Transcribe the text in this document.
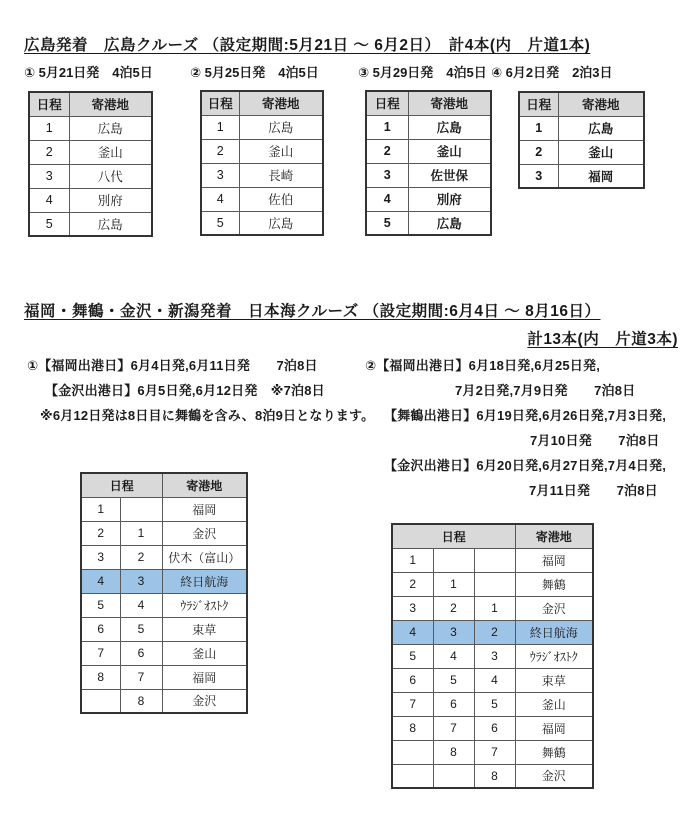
広島発着　広島クルーズ （設定期間:5月21日 ～ 6月2日）　計4本(内　片道1本)
① 5月21日発　4泊5日	② 5月25日発　4泊5日	③ 5月29日発　4泊5日 ④ 6月2日発　2泊3日
日程	寄港地
1	広島
2	釜山
3	八代
4	別府
5	広島
日程	寄港地
1	広島
2	釜山
3	長崎
4	佐伯
5	広島
日程	寄港地
1	広島
2	釜山
3	佐世保
4	別府
5	広島
日程	寄港地
1	広島
2	釜山
3	福岡
福岡・舞鶴・金沢・新潟発着　日本海クルーズ （設定期間:6月4日 ～ 8月16日）
計13本(内　片道3本)
①【福岡出港日】6月4日発,6月11日発　　7泊8日
【金沢出港日】6月5日発,6月12日発　※7泊8日
※6月12日発は8日目に舞鶴を含み、8泊9日となります。
②【福岡出港日】6月18日発,6月25日発,
7月2日発,7月9日発　　7泊8日
【舞鶴出港日】6月19日発,6月26日発,7月3日発,
7月10日発　　7泊8日
【金沢出港日】6月20日発,6月27日発,7月4日発,
7月11日発　　7泊8日
日程		寄港地
1		福岡
2	1	金沢
3	2	伏木（富山）
4	3	終日航海
5	4	ｳﾗｼﾞｵｽﾄｸ
6	5	束草
7	6	釜山
8	7	福岡
	8	金沢
日程			寄港地
1			福岡
2	1		舞鶴
3	2	1	金沢
4	3	2	終日航海
5	4	3	ｳﾗｼﾞｵｽﾄｸ
6	5	4	束草
7	6	5	釜山
8	7	6	福岡
	8	7	舞鶴
		8	金沢
